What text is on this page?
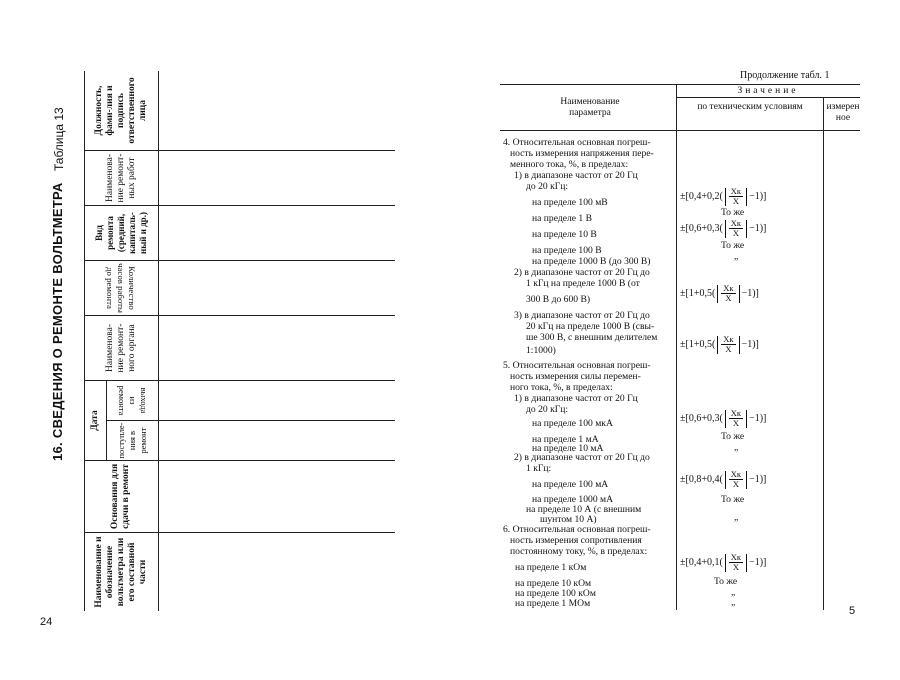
16. СВЕДЕНИЯ О РЕМОНТЕ ВОЛЬТМЕТРА
Таблица 13
Наименование и обозначение вольтметра или его составной части
Основания для сдачи в ремонт
Дата
поступле-ния в ремонт
выхода из ремонта
Наименова-ние ремонт-ного органа
Количество часов работы до ремонта
Вид ремонта (средний, капиталь-ный и др.)
Наименова-ние ремонт-ных работ
Должность, фами-лия и подпись ответственного лица
24
Продолжение табл. 1
Наименование параметра
Значение
по техническим условиям	измерен ное
4. Относительная основная погреш-
ность измерения напряжения пере-
менного тока, %, в пределах:
1) в диапазоне частот от 20 Гц
до 20 кГц:
на пределе 100 мВ
на пределе 1 В
на пределе 10 В
на пределе 100 В
на пределе 1000 В (до 300 В)
2) в диапазоне частот от 20 Гц до
1 кГц на пределе 1000 В (от
300 В до 600 В)
3) в диапазоне частот от 20 Гц до
20 кГц на пределе 1000 В (свы-
ше 300 В, с внешним делителем
1:1000)
5. Относительная основная погреш-
ность измерения силы перемен-
ного тока, %, в пределах:
1) в диапазоне частот от 20 Гц
до 20 кГц:
на пределе 100 мкА
на пределе 1 мА
на пределе 10 мА
2) в диапазоне частот от 20 Гц до
1 кГц:
на пределе 100 мА
на пределе 1000 мА
на пределе 10 А (с внешним
шунтом 10 А)
6. Относительная основная погреш-
ность измерения сопротивления
постоянному току, %, в пределах:
на пределе 1 кОм
на пределе 10 кОм
на пределе 100 кОм
на пределе 1 МОм
$\pm[0,4+0,2( \frac{Xк}{X} -1)]$
То же
$\pm[0,6+0,3( \frac{Xк}{X} -1)]$
То же
„
$\pm[1+0,5( \frac{Xк}{X} -1)]$
$\pm[1+0,5( \frac{Xк}{X} -1)]$
$\pm[0,6+0,3( \frac{Xк}{X} -1)]$
То же
„
$\pm[0,8+0,4( \frac{Xк}{X} -1)]$
То же
„
$\pm[0,4+0,1( \frac{Xк}{X} -1)]$
То же
„
„
5
